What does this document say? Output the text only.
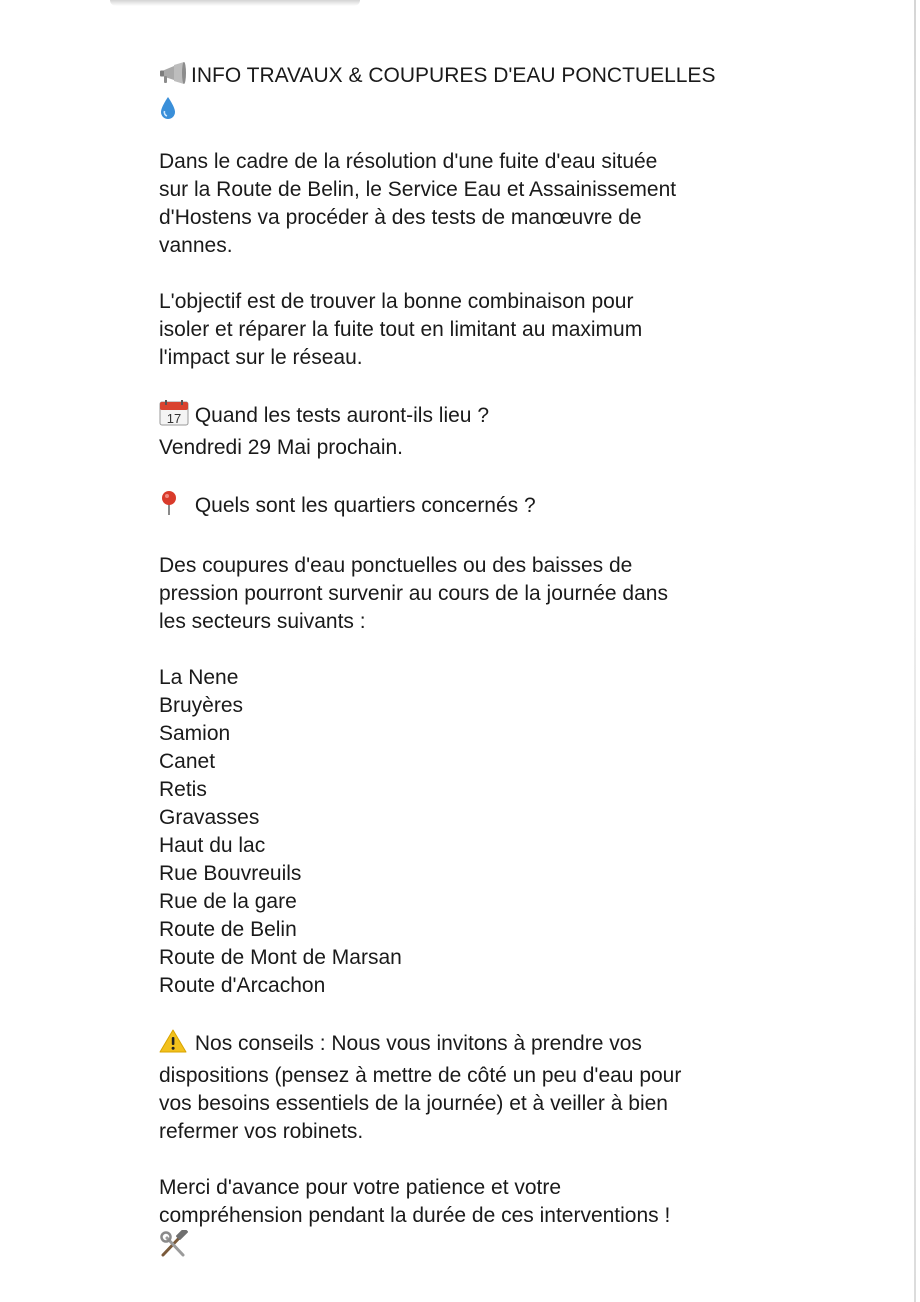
INFO TRAVAUX & COUPURES D'EAU PONCTUELLES

Dans le cadre de la résolution d'une fuite d'eau située
sur la Route de Belin, le Service Eau et Assainissement
d'Hostens va procéder à des tests de manœuvre de
vannes.

L'objectif est de trouver la bonne combinaison pour
isoler et réparer la fuite tout en limitant au maximum
l'impact sur le réseau.

17 Quand les tests auront-ils lieu ?
Vendredi 29 Mai prochain.

Quels sont les quartiers concernés ?

Des coupures d'eau ponctuelles ou des baisses de
pression pourront survenir au cours de la journée dans
les secteurs suivants :

La Nene
Bruyères
Samion
Canet
Retis
Gravasses
Haut du lac
Rue Bouvreuils
Rue de la gare
Route de Belin
Route de Mont de Marsan
Route d'Arcachon

Nos conseils : Nous vous invitons à prendre vos
dispositions (pensez à mettre de côté un peu d'eau pour
vos besoins essentiels de la journée) et à veiller à bien
refermer vos robinets.

Merci d'avance pour votre patience et votre
compréhension pendant la durée de ces interventions !
